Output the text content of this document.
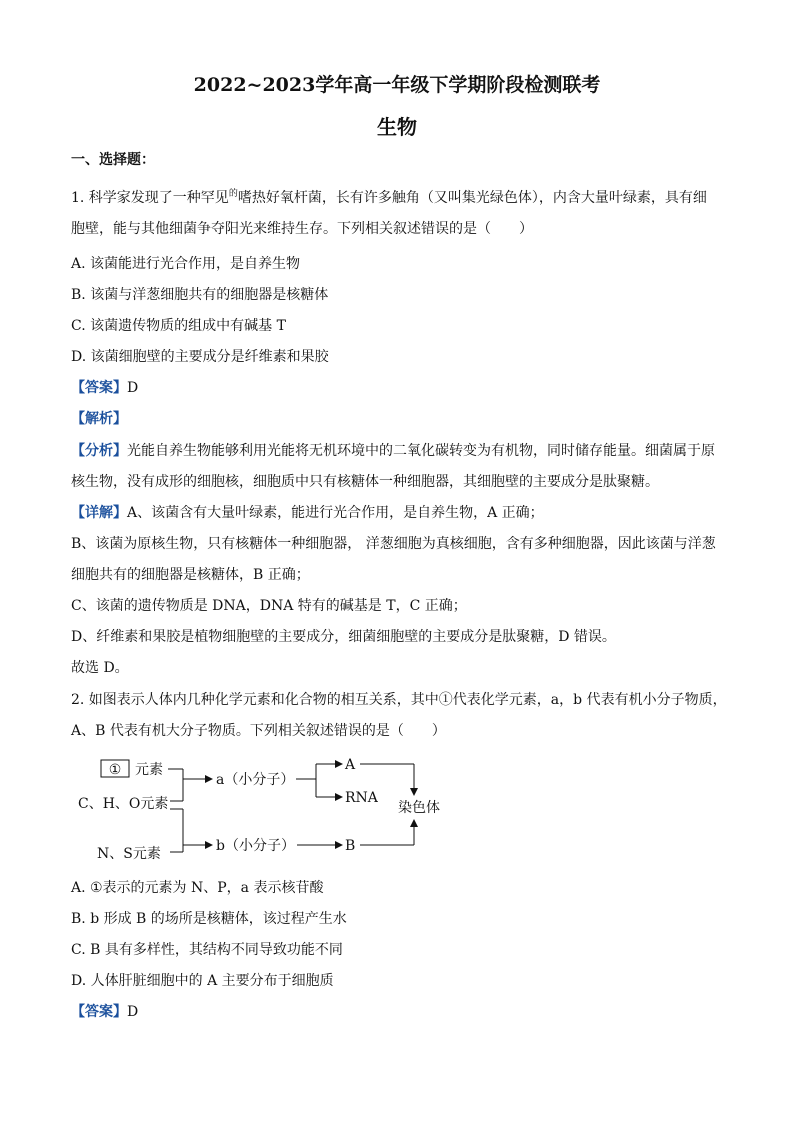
2022~2023学年高一年级下学期阶段检测联考
生物
一、选择题：
1. 科学家发现了一种罕见$^的$嗜热好氧杆菌，长有许多触角（又叫集光绿色体），内含大量叶绿素，具有细
胞壁，能与其他细菌争夺阳光来维持生存。下列相关叙述错误的是（　　）
A. 该菌能进行光合作用，是自养生物
B. 该菌与洋葱细胞共有的细胞器是核糖体
C. 该菌遗传物质的组成中有碱基 T
D. 该菌细胞壁的主要成分是纤维素和果胶
【答案】D
【解析】
【分析】光能自养生物能够利用光能将无机环境中的二氧化碳转变为有机物，同时储存能量。细菌属于原
核生物，没有成形的细胞核，细胞质中只有核糖体一种细胞器，其细胞壁的主要成分是肽聚糖。
【详解】A、该菌含有大量叶绿素，能进行光合作用，是自养生物，A 正确；
B、该菌为原核生物，只有核糖体一种细胞器， 洋葱细胞为真核细胞，含有多种细胞器，因此该菌与洋葱
细胞共有的细胞器是核糖体，B 正确；
C、该菌的遗传物质是 DNA，DNA 特有的碱基是 T，C 正确；
D、纤维素和果胶是植物细胞壁的主要成分，细菌细胞壁的主要成分是肽聚糖，D 错误。
故选 D。
2. 如图表示人体内几种化学元素和化合物的相互关系，其中①代表化学元素，a，b 代表有机小分子物质，
A、B 代表有机大分子物质。下列相关叙述错误的是（　　）
① 元素
C、H、O元素
N、S元素
a（小分子）
A
RNA
染色体
b（小分子）	B
A. ①表示的元素为 N、P，a 表示核苷酸
B. b 形成 B 的场所是核糖体，该过程产生水
C. B 具有多样性，其结构不同导致功能不同
D. 人体肝脏细胞中的 A 主要分布于细胞质
【答案】D
